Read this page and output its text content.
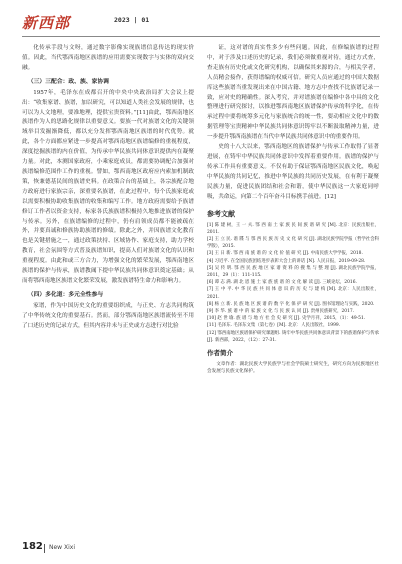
新西部	2023 | 01

化传承手段与文呀，通过数字影像实现族谱信息传达的现实价值。因此，当代鄂西南地区族谱的应用需要实现数字与实体的双向交融。

（三）三配合：政、族、家协调

1957年，毛泽东在成都召开的中央中央政治局扩大会议上提出：“收集家谱、族谱，加以研究，可以知道人类社会发展的规律，也可以为人文地理，要准地理，提供宝贵资料。”[11]由此，鄂西南地区族谱作为人的思路化规律以重要意义。要族一代对族谱文化的关键领域举目发掘渐降低，都以充分发挥鄂西南地区族谱的时代优势。就此，各个方面都应紧进一步提高对鄂西南地区族谱编修的重视程度，深度挖掘族谱的内在价值，为传承中华民族共同体意识提供内在凝聚力量。对此，本测国家政府，小乘家庭成员，都需要协调配合加强对族谱编修范围作工作的重视。譬如，鄂西南地区政府应内索加机制政策，恢兼德基民间的族谱史料。在政策合台的基础上，各宗族配合地方政府进行家族宗亲，深重要名族谱，在此过程中，每个氏族家庭或以需要积极协助收集族谱的收集和编写工作。地方政府需要给予族谱修订工作者以资金支持，标家各氏族族谱积极持久地推进族谱的保护与传承。另外，在族谱编修的过程中，仍有肩领成员都不能被疏在外，并要真诚和修族协助族谱的修绩。除此之外，并因族谱文化教育也是关键措施之一，通过政策扶持、区域协作、家庭支持，助力学校教育，社会氛围等方式普及族谱知识，提高人们对族谱文化的认识和重视程度。由此和或三方合力，为增强文化的繁荣发展，鄂西南地区族谱的保护与传承，族谱教阈下提中华民族共同体意识奠定基础；从而将鄂西南地区族谱文化繁荣发展，激发族谱特生命力和影响力。

（四）多化道：多元全性参与

家谱，作为中国历史文化的重要组织成，与正史、方志共同构筑了中华传统文化的重要基石。然而，部分鄂西南地区族谱流传至不用了口述历史的记录方式，但其内容并未与正史或方志进行对比验

证，这对谱的真实性多少有些问题。因此，在修编族谱的过程中，对于涉及口述历史的记录，我们必须做重视对待，通过方式查，查走族有历史化或文化研究机构，以确保其来源的合，与相关学者，人员精会接作，获得谱编的权威可信。研究人员应通过的中国大数据库这些族谱当重发现出来在中国古籍、地方志中查找不比族谱记录一致，应对史的精确性。深入考究，并对谱族谱在编修中各中具的文化整理进行研究探讨，以推进鄂西南地区族谱保护传承的科学化，在传承过程中要将统筹多元化与家族统合的统一性，要动相应文化中的数据管理等宝贵精神中华民族共同体意识铸牢以不断汲取精神力量，进一步提升鄂西南族谱在当代中华民族共同体意识中的重要作用。

史的十八大以来，鄂西南地区的族谱保护与传承工作取得了显著进展，在铸牢中华民族共同体意识中发挥着重要作用。族谱的保护与传承工作具有重要意义。不仅有助于保证鄂西南地区民族文化，唤起中华民族的共同记忆，推进中华民族的共同历史发展，在有利于凝聚民族力量，促进民族团结和社会和谐，使中华民族这一大家庭同呼吸，共命运，向第二个百年奋斗目标携手前进。[12]

参考文献

[1] 陈 建 树，王 一 夫. 鄂 西 南 土 家 族 民 间 族 谱 研 究 [M]. 北京：民族出版社，2011.

[2] 王 立 民. 谱 牒 与 鄂 西 民 族 历 史 文 化 研 究 [J]. 湖北民族学院学报（哲学社会科学版），2015.

[3] 王 日 新. 鄂 西 南 族 谱 的 文 化 价 值 研 究 [J]. 中南民族大学学报，2018.

[4] 习近平. 在全国民族团结进步表彰大会上的讲话 [N]. 人民日报，2019-09-28.

[5] 吴 传 明. 鄂 西 民 族 地 区 家 谱 资 料 的 搜 集 与 整 理 [J]. 湖北民族学院学报，2011，29（1）：111-115.

[6] 谭 志 满. 湖 北 恩 施 土 家 族 族 谱 的 文 化 解 读 [J]. 三峡论坛，2016.

[7] 王 中 平. 中 华 民 族 共 同 体 意 识 的 历 史 与 建 构 [M]. 北京：人民出版社，2021.

[8] 杨 立 新. 民 族 地 区 族 谱 的 数 字 化 保 护 研 究 [J]. 图书馆理论与实践，2020.

[9] 李 华. 族 谱 中 的 家 族 文 化 与 民 族 认 同 [J]. 贵州民族研究，2017.

[10] 赵 世 瑜. 族 谱 与 地 方 社 会 史 研 究 [J]. 史学月刊，2015，（1）：49-51.

[11] 毛泽东. 毛泽东文集（第七卷）[M]. 北京：人民出版社，1999.

[12] 鄂西南地区族谱保护研究课题组. 铸牢中华民族共同体意识背景下的族谱保护与传承 [J]. 新西部，2022，（12）：27-31.

作者简介

文章作者：湖北民族大学民族学与社会学院硕士研究生，研究方向为民族地区社会发展与民族文化保护。

182 New Xixi
